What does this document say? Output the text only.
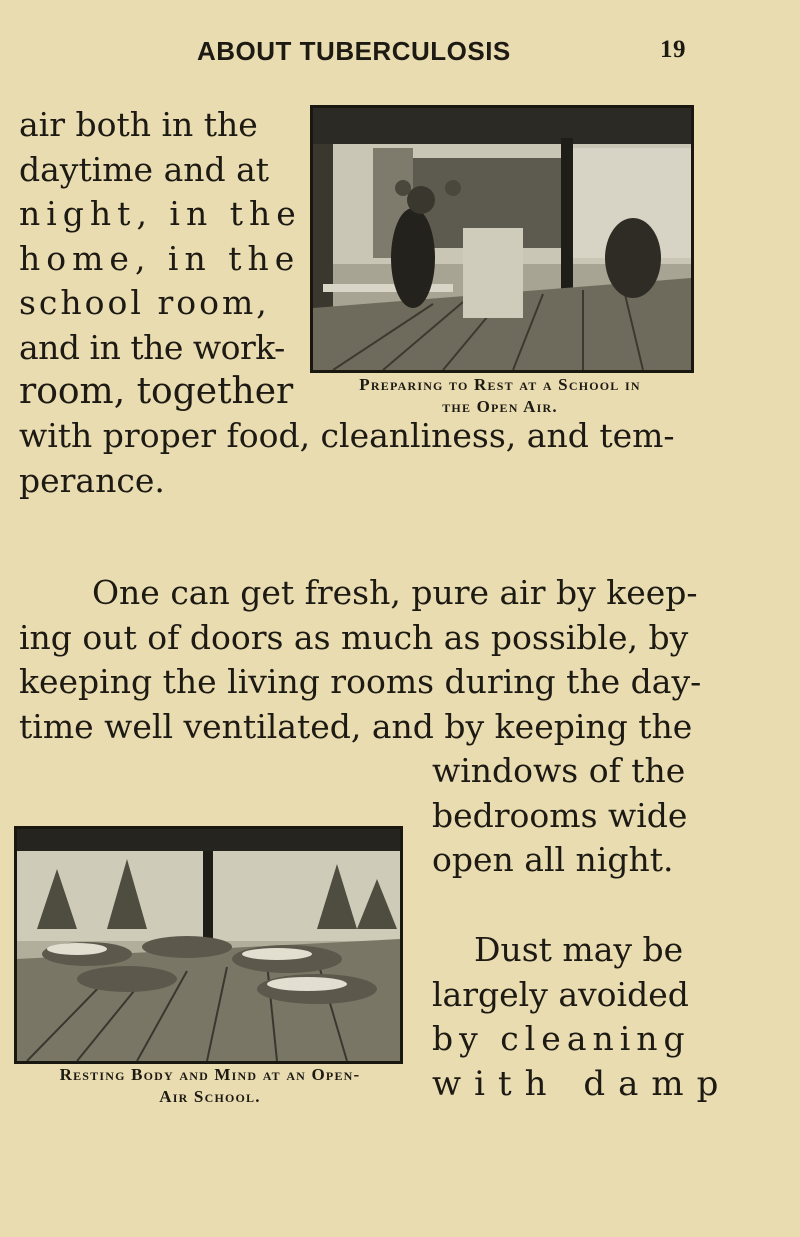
ABOUT TUBERCULOSIS	19
air both in the
daytime and at
night, in the
home, in the
school room,
and in the work-
room, together
with proper food, cleanliness, and tem-
perance.
One can get fresh, pure air by keep-
ing out of doors as much as possible, by
keeping the living rooms during the day-
time well ventilated, and by keeping the
windows of the
bedrooms wide
open all night.
Dust may be
largely avoided
by cleaning
with damp
Preparing to Rest at a School in
the Open Air.
Resting Body and Mind at an Open-
Air School.
